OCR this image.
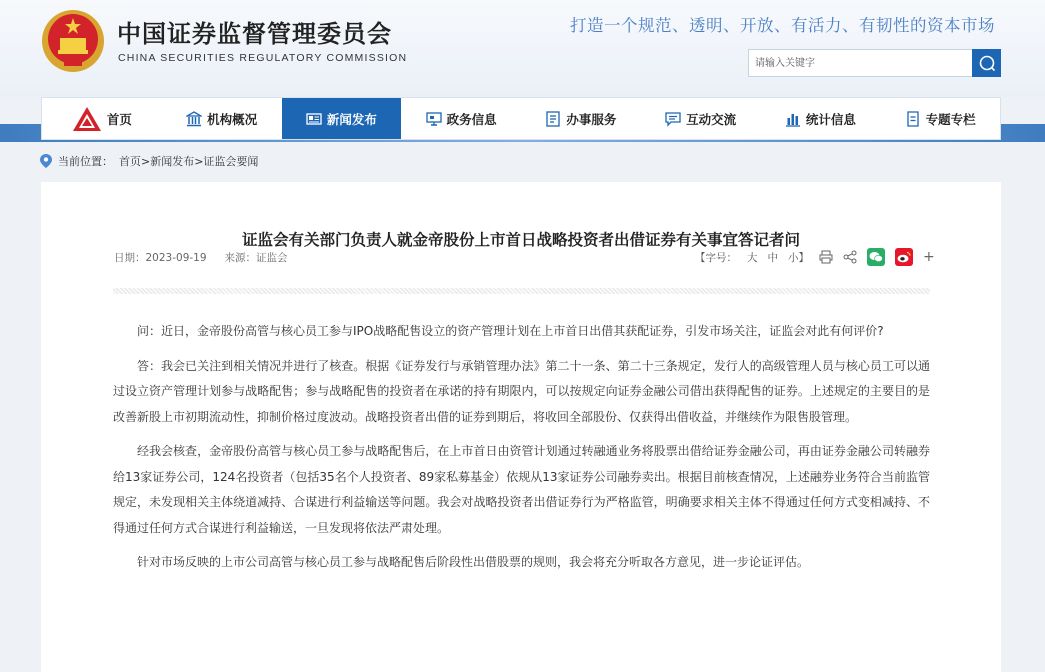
中国证券监督管理委员会
CHINA SECURITIES REGULATORY COMMISSION
打造一个规范、透明、开放、有活力、有韧性的资本市场
请输入关键字
首页	机构概况	新闻发布	政务信息	办事服务	互动交流	统计信息	专题专栏
当前位置： 首页>新闻发布>证监会要闻
证监会有关部门负责人就金帝股份上市首日战略投资者出借证券有关事宜答记者问
日期：2023-09-19 来源：证监会	【字号： 大 中 小】	+

问：近日，金帝股份高管与核心员工参与IPO战略配售设立的资产管理计划在上市首日出借其获配证券，引发市场关注，证监会对此有何评价?

答：我会已关注到相关情况并进行了核查。根据《证券发行与承销管理办法》第二十一条、第二十三条规定，发行人的高级管理人员与核心员工可以通过设立资产管理计划参与战略配售；参与战略配售的投资者在承诺的持有期限内，可以按规定向证券金融公司借出获得配售的证券。上述规定的主要目的是改善新股上市初期流动性，抑制价格过度波动。战略投资者出借的证券到期后，将收回全部股份、仅获得出借收益，并继续作为限售股管理。

经我会核查，金帝股份高管与核心员工参与战略配售后，在上市首日由资管计划通过转融通业务将股票出借给证券金融公司，再由证券金融公司转融券给13家证券公司，124名投资者（包括35名个人投资者、89家私募基金）依规从13家证券公司融券卖出。根据目前核查情况，上述融券业务符合当前监管规定，未发现相关主体绕道减持、合谋进行利益输送等问题。我会对战略投资者出借证券行为严格监管，明确要求相关主体不得通过任何方式变相减持、不得通过任何方式合谋进行利益输送，一旦发现将依法严肃处理。

针对市场反映的上市公司高管与核心员工参与战略配售后阶段性出借股票的规则，我会将充分听取各方意见，进一步论证评估。
